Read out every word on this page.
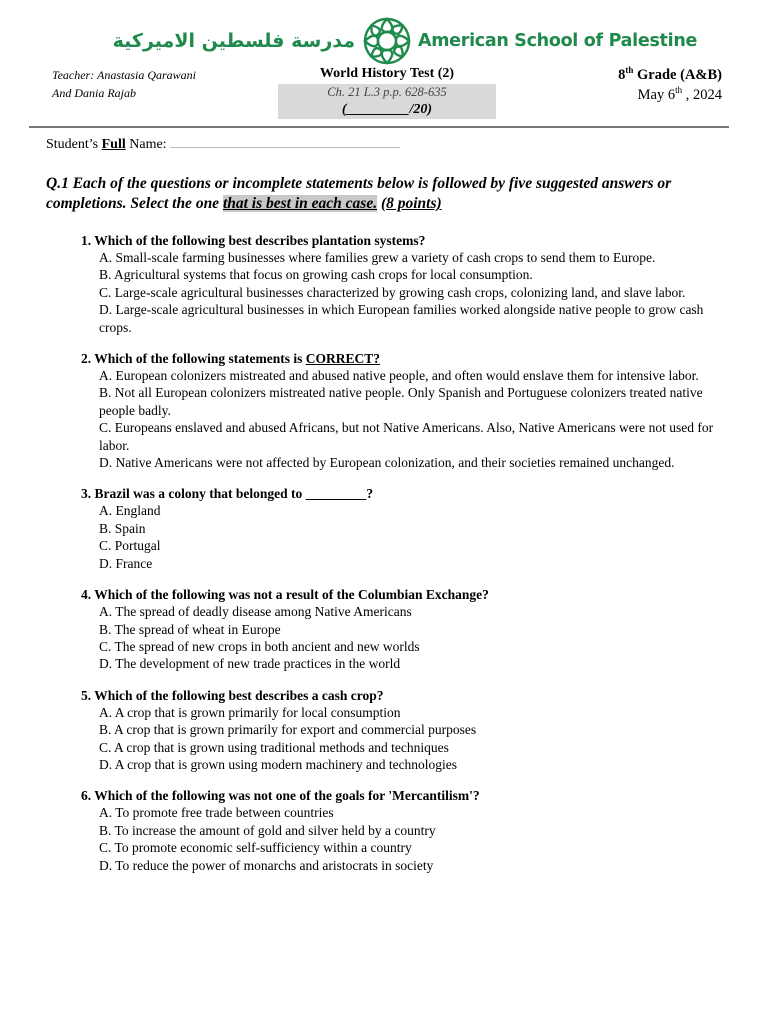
مدرسة فلسطين الاميركية	American School of Palestine
Teacher: Anastasia Qarawani
And Dania Rajab
World History Test (2)
Ch. 21 L.3 p.p. 628-635
(_________/20)
8th Grade (A&B)
May 6th , 2024
Student’s Full Name:
Q.1 Each of the questions or incomplete statements below is followed by five suggested answers or completions. Select the one that is best in each case. (8 points)
1. Which of the following best describes plantation systems?
A. Small-scale farming businesses where families grew a variety of cash crops to send them to Europe.
B. Agricultural systems that focus on growing cash crops for local consumption.
C. Large-scale agricultural businesses characterized by growing cash crops, colonizing land, and slave labor.
D. Large-scale agricultural businesses in which European families worked alongside native people to grow cash crops.
2. Which of the following statements is CORRECT?
A. European colonizers mistreated and abused native people, and often would enslave them for intensive labor.
B. Not all European colonizers mistreated native people. Only Spanish and Portuguese colonizers treated native people badly.
C. Europeans enslaved and abused Africans, but not Native Americans. Also, Native Americans were not used for labor.
D. Native Americans were not affected by European colonization, and their societies remained unchanged.
3. Brazil was a colony that belonged to _________?
A. England
B. Spain
C. Portugal
D. France
4. Which of the following was not a result of the Columbian Exchange?
A. The spread of deadly disease among Native Americans
B. The spread of wheat in Europe
C. The spread of new crops in both ancient and new worlds
D. The development of new trade practices in the world
5. Which of the following best describes a cash crop?
A. A crop that is grown primarily for local consumption
B. A crop that is grown primarily for export and commercial purposes
C. A crop that is grown using traditional methods and techniques
D. A crop that is grown using modern machinery and technologies
6. Which of the following was not one of the goals for 'Mercantilism'?
A. To promote free trade between countries
B. To increase the amount of gold and silver held by a country
C. To promote economic self-sufficiency within a country
D. To reduce the power of monarchs and aristocrats in society
